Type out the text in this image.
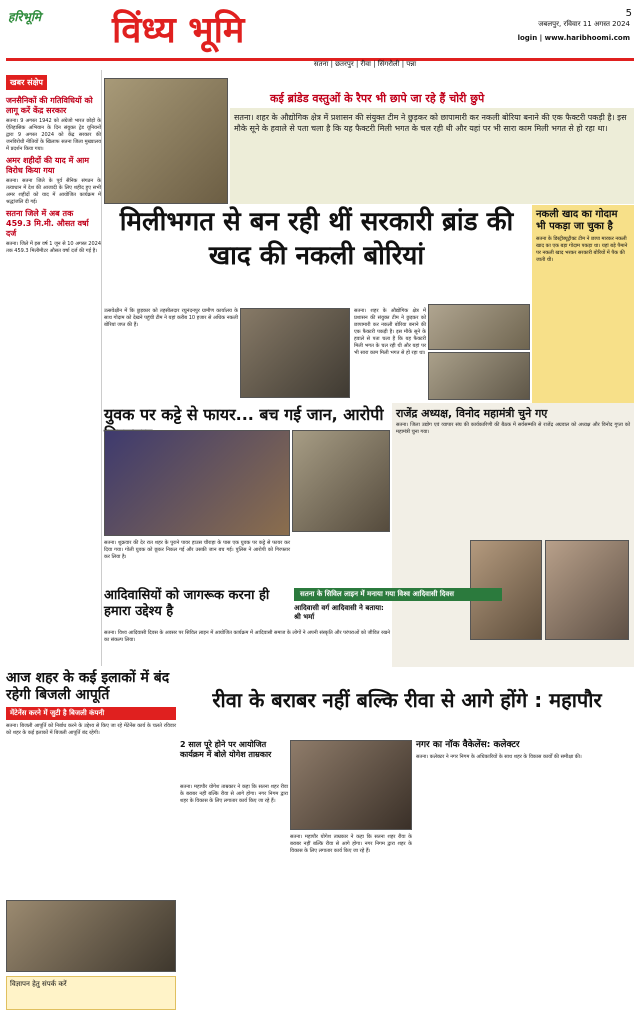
हरिभूमि	विंध्य भूमि	5
जबलपुर, रविवार 11 अगस्त 2024
login | www.haribhoomi.com
सतना | छतरपुर | रीवा | सिंगरौली | पन्ना
खबर संक्षेप
जनसैनिकों की गतिविधियों को लागू करें केंद्र सरकार
सतना। 9 अगस्त 1942 को अंग्रेजो भारत छोड़ो के ऐतिहासिक अभियान के दिन संयुक्त ट्रेड यूनियनों द्वारा 9 अगस्त 2024 को केंद्र सरकार की जनविरोधी नीतियों के खिलाफ सतना जिला मुख्यालय में प्रदर्शन किया गया।
अमर शहीदों की याद में आम विरोध किया गया
सतना। सतना जिले के पूर्व सैनिक संगठन के तत्वाधान में देश की आजादी के लिए शहीद हुए सभी अमर शहीदों को याद में आयोजित कार्यक्रम में श्रद्धांजलि दी गई।
सतना जिले में अब तक 459.3 मि.मी. औसत वर्षा दर्ज
सतना। जिले में इस वर्ष 1 जून से 10 अगस्त 2024 तक 459.3 मिलीमीटर औसत वर्षा दर्ज की गई है।
कई ब्रांडेड वस्तुओं के रैपर भी छापे जा रहे हैं चोरी छुपे
सतना। शहर के औद्योगिक क्षेत्र में प्रशासन की संयुक्त टीम ने छुड़कर को छापामारी कर नकली बोरिया बनाने की एक फैक्टरी पकड़ी है। इस मौके सूने के हवाले से पता चला है कि यह फैक्टरी मिली भगत के चल रही थी और यहां पर भी सारा काम मिली भगत से हो रहा था।
मिलीभगत से बन रही थीं सरकारी ब्रांड की खाद की नकली बोरियां
नकली खाद का गोदाम भी पकड़ा जा चुका है

सतना के डिस्ट्रीब्यूट्रीक्ट टीम ने छापा मारकर नकली खाद का एक बड़ा गोदाम पकड़ा था। यहां बड़े पैमाने पर नकली खाद भरकर सरकारी बोरियों में पैक की जाती थी।

उत्सवेक्षीन में कि छुड़कार को तहसीलदार रघुनंदनपुर ग्रामीण कार्यालय के साथ गोदाम को देखने पहुंची टीम ने यहां करीब 10 हजार से अधिक नकली बोरियां जप्त की हैं।
सतना। शहर के औद्योगिक क्षेत्र में प्रशासन की संयुक्त टीम ने छुड़कर को छापामारी कर नकली बोरिया बनाने की एक फैक्टरी पकड़ी है। इस मौके सूने के हवाले से पता चला है कि यह फैक्टरी मिली भगत के चल रही थी और यहां पर भी सारा काम मिली भगत से हो रहा था।
युवक पर कट्टे से फायर... बच गई जान, आरोपी
सतना। शुक्रवार की देर रात शहर के पुराने पावर हाउस चौराहा के पास एक युवक पर कट्टे से फायर कर दिया गया। गोली युवक को छूकर निकल गई और उसकी जान बच गई। पुलिस ने आरोपी को गिरफ्तार कर लिया है।
राजेंद्र अध्यक्ष, विनोद महामंत्री चुने गए
सतना। जिला उद्योग एवं व्यापार संघ की कार्यकारिणी की बैठक में सर्वसम्मति से राजेंद्र अग्रवाल को अध्यक्ष और विनोद गुप्ता को महामंत्री चुना गया।
आदिवासियों को जागरूक करना ही हमारा उद्देश्य है
सतना के सिविल लाइन में मनाया गया विश्व आदिवासी दिवस
आदिवासी वर्ग आदिवासी ने बताया: श्री भर्मा
सतना। विश्व आदिवासी दिवस के अवसर पर सिविल लाइन में आयोजित कार्यक्रम में आदिवासी समाज के लोगों ने अपनी संस्कृति और परंपराओं को जीवित रखने का संकल्प लिया।
आज शहर के कई इलाकों में बंद रहेगी बिजली आपूर्ति
मेंटेनेंस करने में जुटी है बिजली कंपनी
सतना। बिजली आपूर्ति को निर्बाध करने के उद्देश्य से किए जा रहे मेंटेनेंस कार्य के चलते रविवार को शहर के कई इलाकों में बिजली आपूर्ति बंद रहेगी।
विज्ञापन हेतु संपर्क करें
रीवा के बराबर नहीं बल्कि रीवा से आगे होंगे : महापौर
2 साल पूरे होने पर आयोजित कार्यक्रम में बोले योगेश ताम्रकार
सतना। महापौर योगेश ताम्रकार ने कहा कि सतना शहर रीवा के बराबर नहीं बल्कि रीवा से आगे होगा। नगर निगम द्वारा शहर के विकास के लिए लगातार कार्य किए जा रहे हैं।
सतना। महापौर योगेश ताम्रकार ने कहा कि सतना शहर रीवा के बराबर नहीं बल्कि रीवा से आगे होगा। नगर निगम द्वारा शहर के विकास के लिए लगातार कार्य किए जा रहे हैं।
नगर का नॉक वैकेलेंस: कलेक्टर
सतना। कलेक्टर ने नगर निगम के अधिकारियों के साथ शहर के विकास कार्यों की समीक्षा की।
